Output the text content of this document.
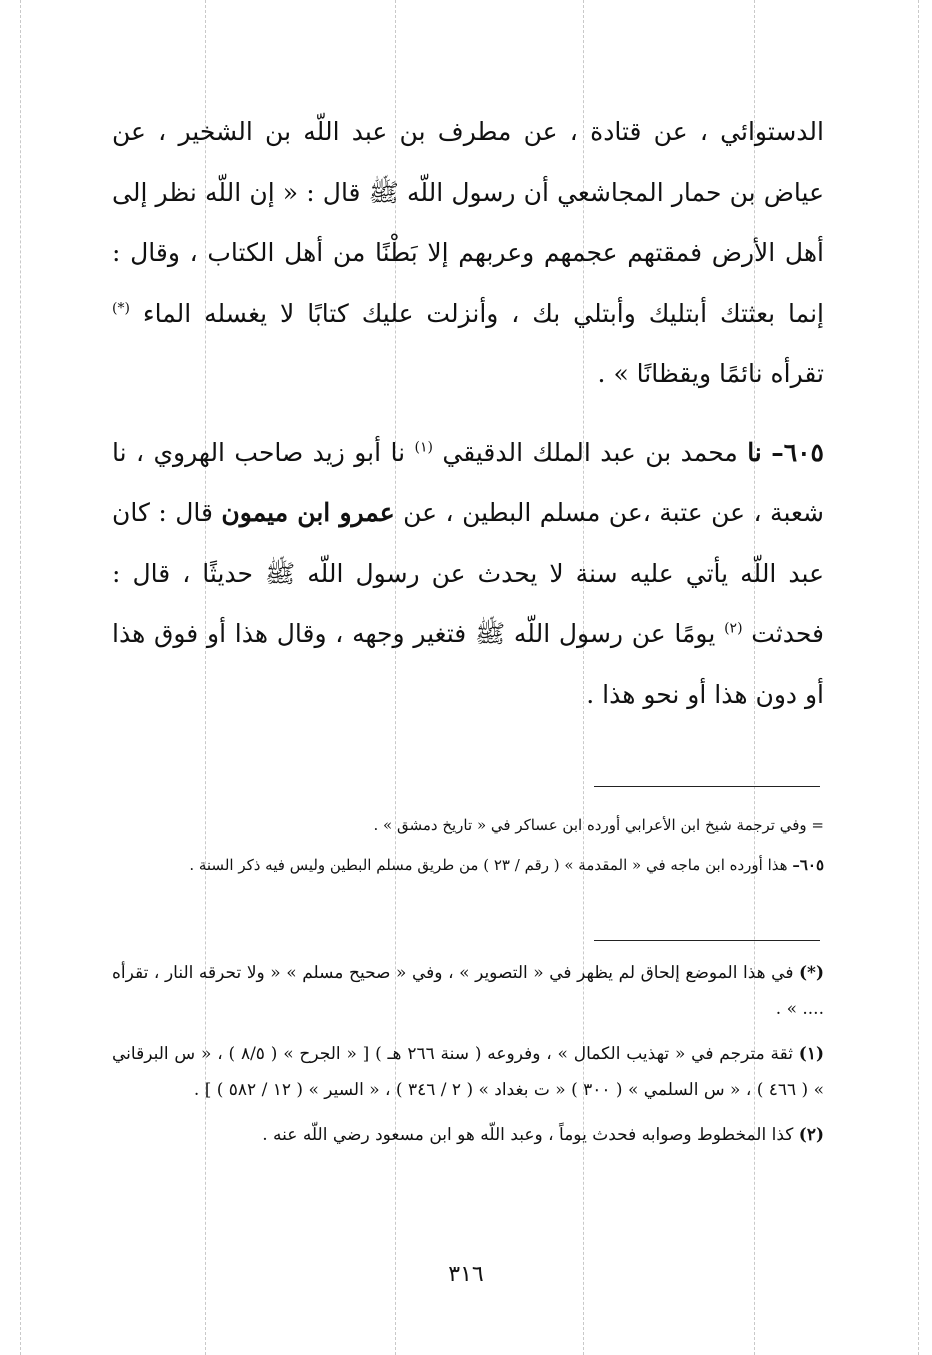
الدستوائي ، عن قتادة ، عن مطرف بن عبد اللّه بن الشخير ، عن عياض بن حمار المجاشعي أن رسول اللّه ﷺ قال : « إن اللّه نظر إلى أهل الأرض فمقتهم عجمهم وعربهم إلا بَطْنًا من أهل الكتاب ، وقال : إنما بعثتك أبتليك وأبتلي بك ، وأنزلت عليك كتابًا لا يغسله الماء (*) تقرأه نائمًا ويقظانًا » .

٦٠٥– نا محمد بن عبد الملك الدقيقي $^{(١)}$ نا أبو زيد صاحب الهروي ، نا شعبة ، عن عتبة ،عن مسلم البطين ، عن عمرو ابن ميمون قال : كان عبد اللّه يأتي عليه سنة لا يحدث عن رسول اللّه ﷺ حديثًا ، قال : فحدثت $^{(٢)}$ يومًا عن رسول اللّه ﷺ فتغير وجهه ، وقال هذا أو فوق هذا أو دون هذا أو نحو هذا .

= وفي ترجمة شيخ ابن الأعرابي أورده ابن عساكر في « تاريخ دمشق » .

٦٠٥– هذا أورده ابن ماجه في « المقدمة » ( رقم / ٢٣ ) من طريق مسلم البطين وليس فيه ذكر السنة .

(*) في هذا الموضع إلحاق لم يظهر في « التصوير » ، وفي « صحيح مسلم » « ولا تحرقه النار ، تقرأه .... » .

(١) ثقة مترجم في « تهذيب الكمال » ، وفروعه ( سنة ٢٦٦ هـ ) [ « الجرح » ( ٨/٥ ) ، « س البرقاني » ( ٤٦٦ ) ، « س السلمي » ( ٣٠٠ ) « ت بغداد » ( ٢ / ٣٤٦ ) ، « السير » ( ١٢ / ٥٨٢ ) ] .

(٢) كذا المخطوط وصوابه فحدث يوماً ، وعبد اللّه هو ابن مسعود رضي اللّه عنه .

٣١٦
